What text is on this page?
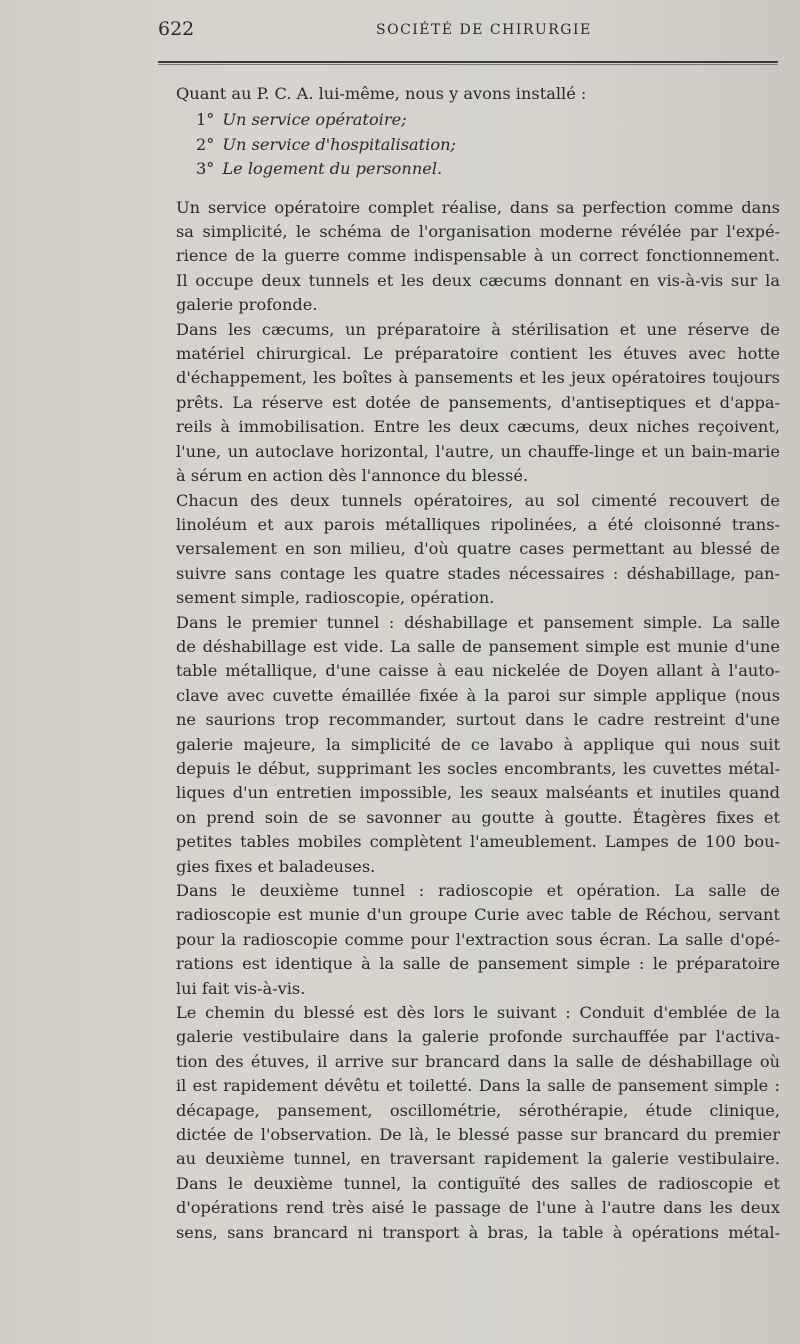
622	SOCIÉTÉ DE CHIRURGIE

Quant au P. C. A. lui-même, nous y avons installé :

1° Un service opératoire;
2° Un service d'hospitalisation;
3° Le logement du personnel.

Un service opératoire complet réalise, dans sa perfection comme dans
sa simplicité, le schéma de l'organisation moderne révélée par l'expé-
rience de la guerre comme indispensable à un correct fonctionnement.
Il occupe deux tunnels et les deux cæcums donnant en vis-à-vis sur la
galerie profonde.

Dans les cæcums, un préparatoire à stérilisation et une réserve de
matériel chirurgical. Le préparatoire contient les étuves avec hotte
d'échappement, les boîtes à pansements et les jeux opératoires toujours
prêts. La réserve est dotée de pansements, d'antiseptiques et d'appa-
reils à immobilisation. Entre les deux cæcums, deux niches reçoivent,
l'une, un autoclave horizontal, l'autre, un chauffe-linge et un bain-marie
à sérum en action dès l'annonce du blessé.

Chacun des deux tunnels opératoires, au sol cimenté recouvert de
linoléum et aux parois métalliques ripolinées, a été cloisonné trans-
versalement en son milieu, d'où quatre cases permettant au blessé de
suivre sans contage les quatre stades nécessaires : déshabillage, pan-
sement simple, radioscopie, opération.

Dans le premier tunnel : déshabillage et pansement simple. La salle
de déshabillage est vide. La salle de pansement simple est munie d'une
table métallique, d'une caisse à eau nickelée de Doyen allant à l'auto-
clave avec cuvette émaillée fixée à la paroi sur simple applique (nous
ne saurions trop recommander, surtout dans le cadre restreint d'une
galerie majeure, la simplicité de ce lavabo à applique qui nous suit
depuis le début, supprimant les socles encombrants, les cuvettes métal-
liques d'un entretien impossible, les seaux malséants et inutiles quand
on prend soin de se savonner au goutte à goutte. Étagères fixes et
petites tables mobiles complètent l'ameublement. Lampes de 100 bou-
gies fixes et baladeuses.

Dans le deuxième tunnel : radioscopie et opération. La salle de
radioscopie est munie d'un groupe Curie avec table de Réchou, servant
pour la radioscopie comme pour l'extraction sous écran. La salle d'opé-
rations est identique à la salle de pansement simple : le préparatoire
lui fait vis-à-vis.

Le chemin du blessé est dès lors le suivant : Conduit d'emblée de la
galerie vestibulaire dans la galerie profonde surchauffée par l'activa-
tion des étuves, il arrive sur brancard dans la salle de déshabillage où
il est rapidement dévêtu et toiletté. Dans la salle de pansement simple :
décapage, pansement, oscillométrie, sérothérapie, étude clinique,
dictée de l'observation. De là, le blessé passe sur brancard du premier
au deuxième tunnel, en traversant rapidement la galerie vestibulaire.
Dans le deuxième tunnel, la contiguïté des salles de radioscopie et
d'opérations rend très aisé le passage de l'une à l'autre dans les deux
sens, sans brancard ni transport à bras, la table à opérations métal-
